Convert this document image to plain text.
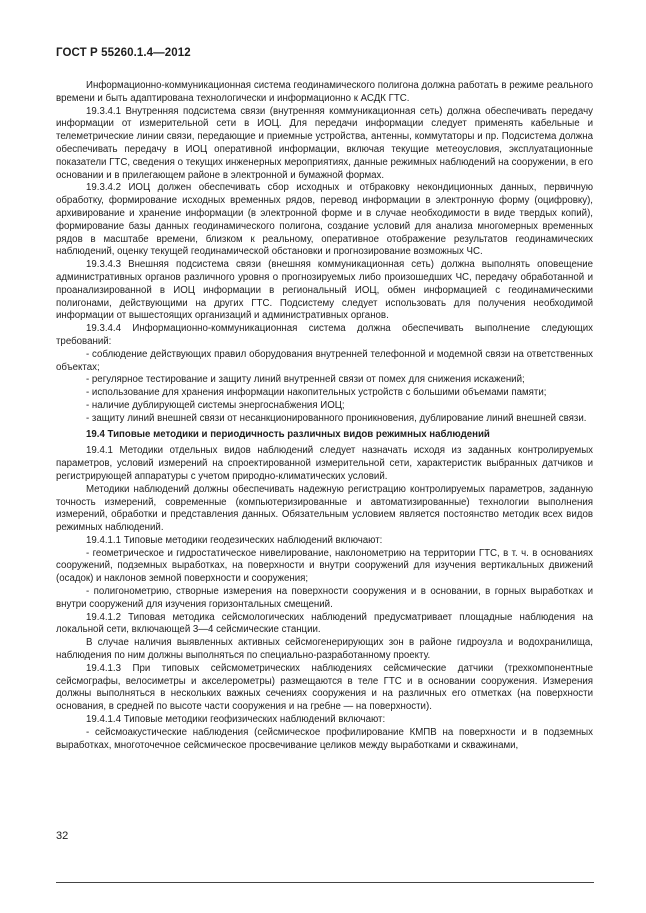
ГОСТ Р 55260.1.4—2012

Информационно-коммуникационная система геодинамического полигона должна работать в режиме реального времени и быть адаптирована технологически и информационно к АСДК ГТС.

19.3.4.1 Внутренняя подсистема связи (внутренняя коммуникационная сеть) должна обеспечивать передачу информации от измерительной сети в ИОЦ. Для передачи информации следует применять кабельные и телеметрические линии связи, передающие и приемные устройства, антенны, коммутаторы и пр. Подсистема должна обеспечивать передачу в ИОЦ оперативной информации, включая текущие метеоусловия, эксплуатационные показатели ГТС, сведения о текущих инженерных мероприятиях, данные режимных наблюдений на сооружении, в его основании и в прилегающем районе в электронной и бумажной формах.

19.3.4.2 ИОЦ должен обеспечивать сбор исходных и отбраковку некондиционных данных, первичную обработку, формирование исходных временных рядов, перевод информации в электронную форму (оцифровку), архивирование и хранение информации (в электронной форме и в случае необходимости в виде твердых копий), формирование базы данных геодинамического полигона, создание условий для анализа многомерных временных рядов в масштабе времени, близком к реальному, оперативное отображение результатов геодинамических наблюдений, оценку текущей геодинамической обстановки и прогнозирование возможных ЧС.

19.3.4.3 Внешняя подсистема связи (внешняя коммуникационная сеть) должна выполнять оповещение административных органов различного уровня о прогнозируемых либо произошедших ЧС, передачу обработанной и проанализированной в ИОЦ информации в региональный ИОЦ, обмен информацией с геодинамическими полигонами, действующими на других ГТС. Подсистему следует использовать для получения необходимой информации от вышестоящих организаций и административных органов.

19.3.4.4 Информационно-коммуникационная система должна обеспечивать выполнение следующих требований:

- соблюдение действующих правил оборудования внутренней телефонной и модемной связи на ответственных объектах;

- регулярное тестирование и защиту линий внутренней связи от помех для снижения искажений;

- использование для хранения информации накопительных устройств с большими объемами памяти;

- наличие дублирующей системы энергоснабжения ИОЦ;

- защиту линий внешней связи от несанкционированного проникновения, дублирование линий внешней связи.

19.4 Типовые методики и периодичность различных видов режимных наблюдений

19.4.1 Методики отдельных видов наблюдений следует назначать исходя из заданных контролируемых параметров, условий измерений на спроектированной измерительной сети, характеристик выбранных датчиков и регистрирующей аппаратуры с учетом природно-климатических условий.

Методики наблюдений должны обеспечивать надежную регистрацию контролируемых параметров, заданную точность измерений, современные (компьютеризированные и автоматизированные) технологии выполнения измерений, обработки и представления данных. Обязательным условием является постоянство методик всех видов режимных наблюдений.

19.4.1.1 Типовые методики геодезических наблюдений включают:

- геометрическое и гидростатическое нивелирование, наклонометрию на территории ГТС, в т. ч. в основаниях сооружений, подземных выработках, на поверхности и внутри сооружений для изучения вертикальных движений (осадок) и наклонов земной поверхности и сооружения;

- полигонометрию, створные измерения на поверхности сооружения и в основании, в горных выработках и внутри сооружений для изучения горизонтальных смещений.

19.4.1.2 Типовая методика сейсмологических наблюдений предусматривает площадные наблюдения на локальной сети, включающей 3—4 сейсмические станции.

В случае наличия выявленных активных сейсмогенерирующих зон в районе гидроузла и водохранилища, наблюдения по ним должны выполняться по специально-разработанному проекту.

19.4.1.3 При типовых сейсмометрических наблюдениях сейсмические датчики (трехкомпонентные сейсмографы, велосиметры и акселерометры) размещаются в теле ГТС и в основании сооружения. Измерения должны выполняться в нескольких важных сечениях сооружения и на различных его отметках (на поверхности основания, в средней по высоте части сооружения и на гребне — на поверхности).

19.4.1.4 Типовые методики геофизических наблюдений включают:

- сейсмоакустические наблюдения (сейсмическое профилирование КМПВ на поверхности и в подземных выработках, многоточечное сейсмическое просвечивание целиков между выработками и скважинами,

32
